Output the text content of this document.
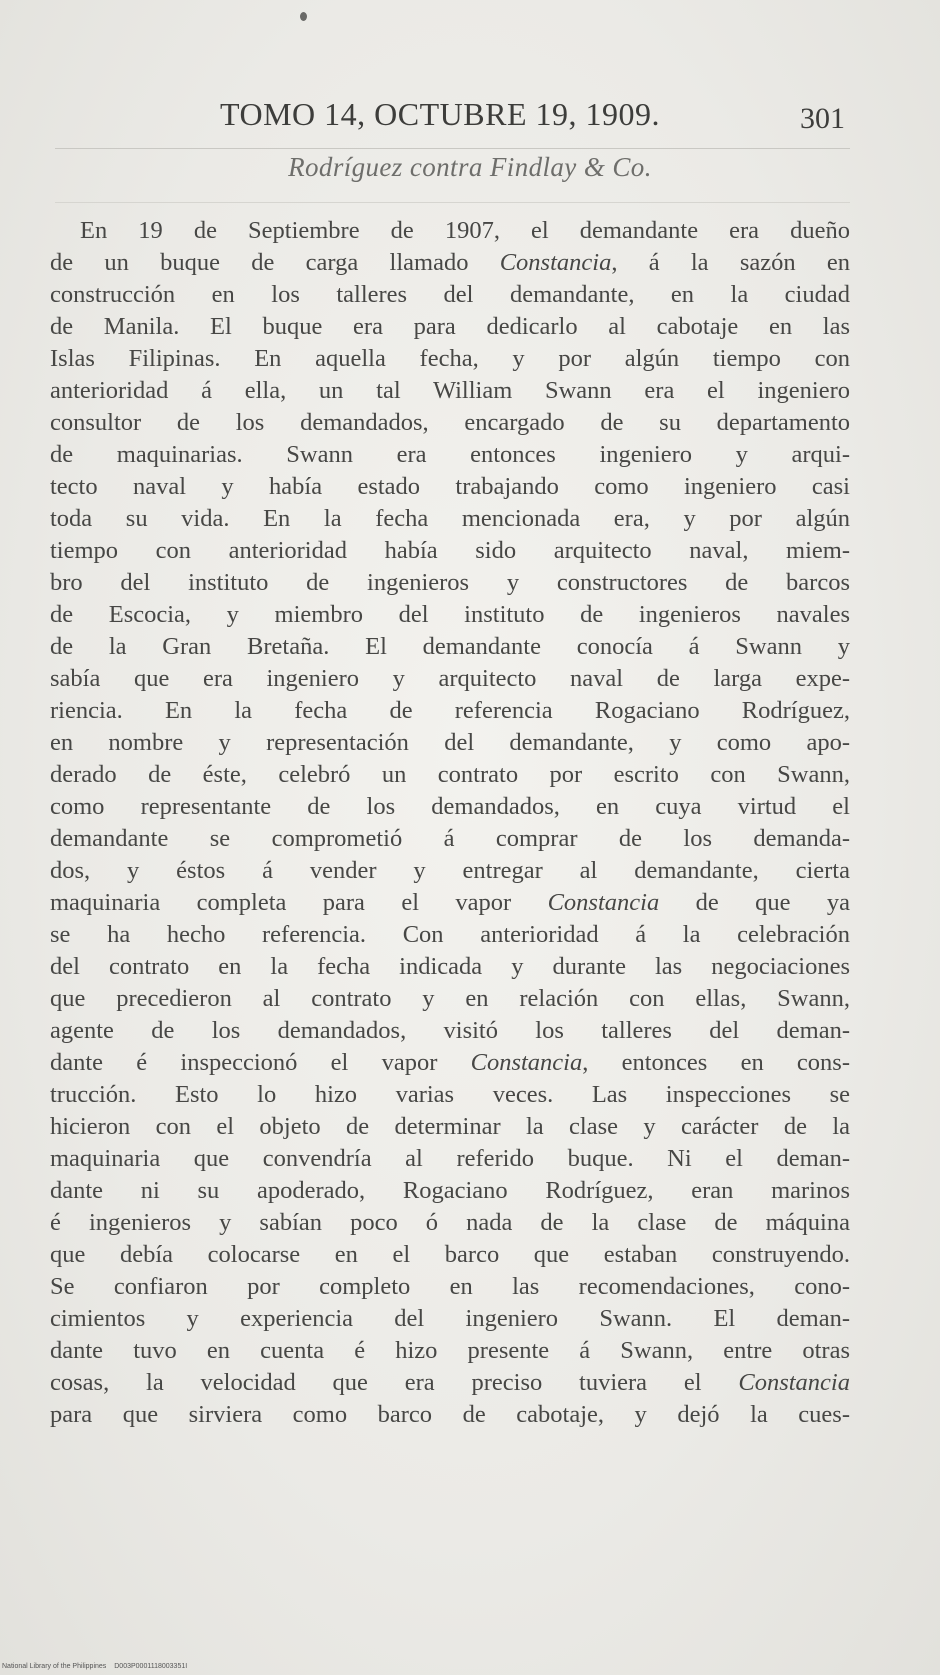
TOMO 14, OCTUBRE 19, 1909.	301
Rodríguez contra Findlay & Co.
En 19 de Septiembre de 1907, el demandante era dueño
de un buque de carga llamado Constancia, á la sazón en
construcción en los talleres del demandante, en la ciudad
de Manila. El buque era para dedicarlo al cabotaje en las
Islas Filipinas. En aquella fecha, y por algún tiempo con
anterioridad á ella, un tal William Swann era el ingeniero
consultor de los demandados, encargado de su departamento
de maquinarias. Swann era entonces ingeniero y arqui-
tecto naval y había estado trabajando como ingeniero casi
toda su vida. En la fecha mencionada era, y por algún
tiempo con anterioridad había sido arquitecto naval, miem-
bro del instituto de ingenieros y constructores de barcos
de Escocia, y miembro del instituto de ingenieros navales
de la Gran Bretaña. El demandante conocía á Swann y
sabía que era ingeniero y arquitecto naval de larga expe-
riencia. En la fecha de referencia Rogaciano Rodríguez,
en nombre y representación del demandante, y como apo-
derado de éste, celebró un contrato por escrito con Swann,
como representante de los demandados, en cuya virtud el
demandante se comprometió á comprar de los demanda-
dos, y éstos á vender y entregar al demandante, cierta
maquinaria completa para el vapor Constancia de que ya
se ha hecho referencia. Con anterioridad á la celebración
del contrato en la fecha indicada y durante las negociaciones
que precedieron al contrato y en relación con ellas, Swann,
agente de los demandados, visitó los talleres del deman-
dante é inspeccionó el vapor Constancia, entonces en cons-
trucción. Esto lo hizo varias veces. Las inspecciones se
hicieron con el objeto de determinar la clase y carácter de la
maquinaria que convendría al referido buque. Ni el deman-
dante ni su apoderado, Rogaciano Rodríguez, eran marinos
é ingenieros y sabían poco ó nada de la clase de máquina
que debía colocarse en el barco que estaban construyendo.
Se confiaron por completo en las recomendaciones, cono-
cimientos y experiencia del ingeniero Swann. El deman-
dante tuvo en cuenta é hizo presente á Swann, entre otras
cosas, la velocidad que era preciso tuviera el Constancia
para que sirviera como barco de cabotaje, y dejó la cues-
National Library of the Philippines D003P0001118003351I
